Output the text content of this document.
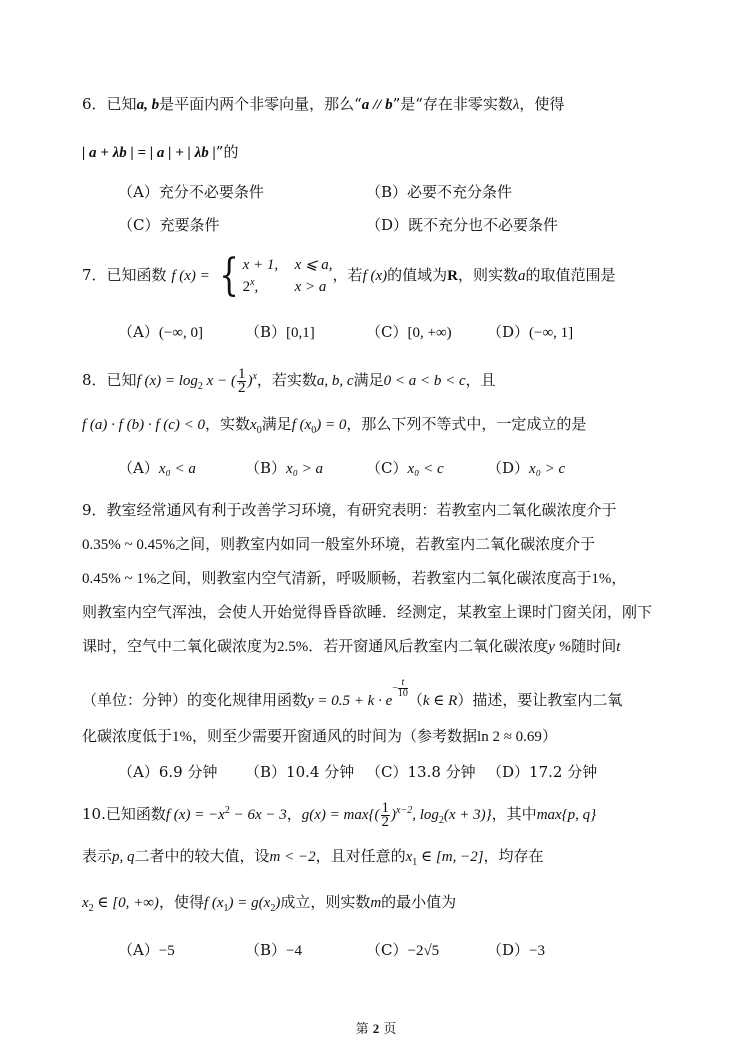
6．已知a, b是平面内两个非零向量，那么“a // b”是“存在非零实数λ，使得
| a + λb | = | a | + | λb |”的
（A）充分不必要条件	（B）必要不充分条件
（C）充要条件	（D）既不充分也不必要条件
7．已知函数 f (x) = { x + 1, x ⩽ a,
2$^x$, x > a
，若f (x)的值域为R，则实数a的取值范围是
（A）(−∞, 0]	（B）[0,1]	（C）[0, +∞) （D）(−∞, 1]
8．已知f $(x) = \log_2 x$ − ( $\frac{1}{2} )^x$，若实数a, b, c满足0 < a < b < c，且
f (a) · f (b) · f (c) < 0，实数$x_0$满足f $(x_0) = 0$，那么下列不等式中，一定成立的是
（A）x₀ < a	（B）x₀ > a	（C）x₀ < c	（D）x₀ > c
9．教室经常通风有利于改善学习环境，有研究表明：若教室内二氧化碳浓度介于
0.35% ~ 0.45%之间，则教室内如同一般室外环境，若教室内二氧化碳浓度介于
0.45% ~ 1%之间，则教室内空气清新，呼吸顺畅，若教室内二氧化碳浓度高于1%，
则教室内空气浑浊，会使人开始觉得昏昏欲睡．经测定，某教室上课时门窗关闭，刚下
课时，空气中二氧化碳浓度为2.5%．若开窗通风后教室内二氧化碳浓度y %随时间t
（单位：分钟）的变化规律用函数$y = 0.5 + k \cdot e- \frac{t}{10}$
（k ∈ R）描述，要让教室内二氧
化碳浓度低于1%，则至少需要开窗通风的时间为（参考数据ln 2 ≈ 0.69）
（A）6.9 分钟 （B）10.4 分钟 （C）13.8 分钟 （D）17.2 分钟
10.已知函数f $(x) = -x^2 - 6x - 3$，$g(x) = \max\{( \frac{1}{2} )^{x-2}$, $\log_2(x + 3)$}，其中max{p, q}
表示p, q二者中的较大值，设m < −2，且对任意的$x_1$ ∈ [m, −2]，均存在
$x_2$ ∈ [0, +∞)，使得f $(x_1) = g(x_2)$成立，则实数m的最小值为
（A）−5	（B）−4	（C）−2√5	（D）−3
第 2 页
